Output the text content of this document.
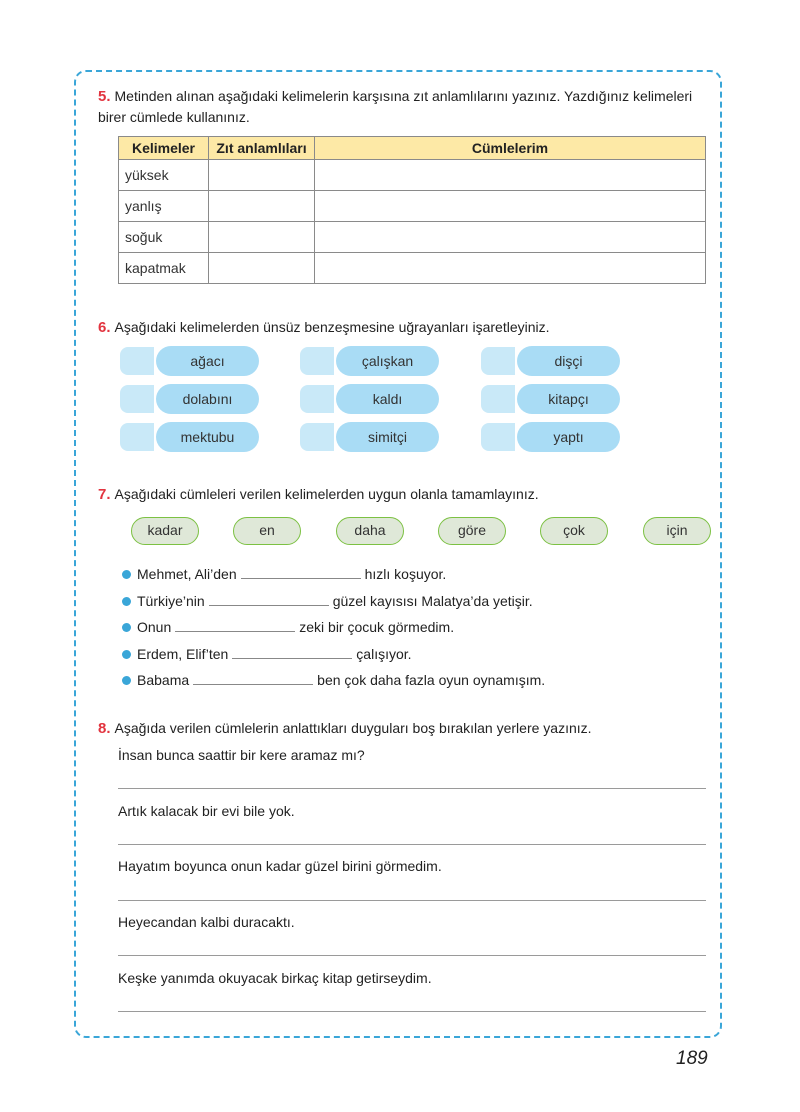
5. Metinden alınan aşağıdaki kelimelerin karşısına zıt anlamlılarını yazınız. Yazdığınız kelimeleri birer cümlede kullanınız.
Kelimeler	Zıt anlamlıları	Cümlelerim
yüksek		
yanlış		
soğuk		
kapatmak		
6. Aşağıdaki kelimelerden ünsüz benzeşmesine uğrayanları işaretleyiniz.
ağacı	çalışkan	dişçi
dolabını	kaldı	kitapçı
mektubu	simitçi	yaptı
7. Aşağıdaki cümleleri verilen kelimelerden uygun olanla tamamlayınız.
kadar	en	daha	göre	çok	için
Mehmet, Ali’den	hızlı koşuyor.
Türkiye’nin	güzel kayısısı Malatya’da yetişir.
Onun	zeki bir çocuk görmedim.
Erdem, Elif’ten	çalışıyor.
Babama	ben çok daha fazla oyun oynamışım.
8. Aşağıda verilen cümlelerin anlattıkları duyguları boş bırakılan yerlere yazınız.
İnsan bunca saattir bir kere aramaz mı?
Artık kalacak bir evi bile yok.
Hayatım boyunca onun kadar güzel birini görmedim.
Heyecandan kalbi duracaktı.
Keşke yanımda okuyacak birkaç kitap getirseydim.
189
